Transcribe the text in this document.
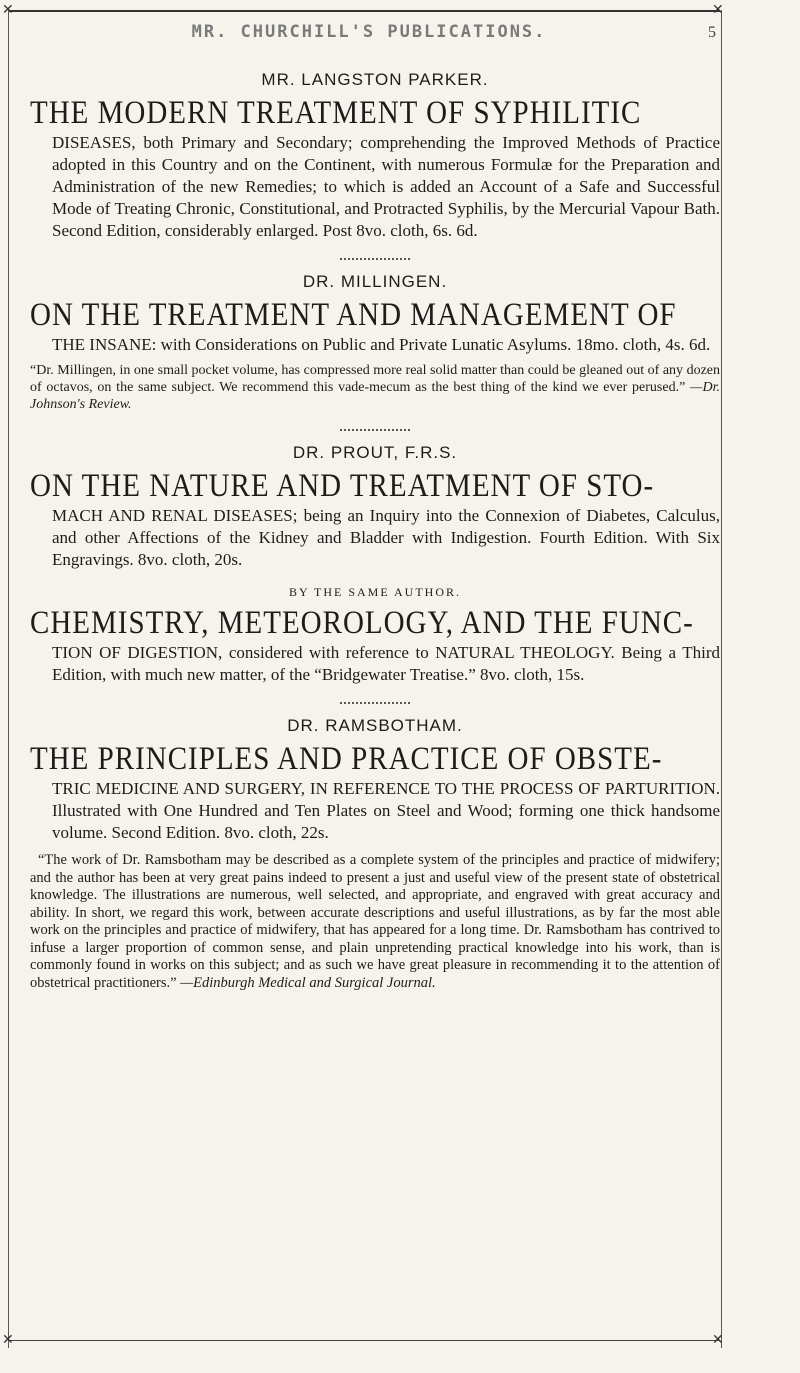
✕	✕
✕	✕
MR. CHURCHILL'S PUBLICATIONS.	5
MR. LANGSTON PARKER.
THE MODERN TREATMENT OF SYPHILITIC

DISEASES, both Primary and Secondary; comprehending the Improved Methods of Practice adopted in this Country and on the Continent, with numerous Formulæ for the Preparation and Administration of the new Remedies; to which is added an Account of a Safe and Successful Mode of Treating Chronic, Constitutional, and Protracted Syphilis, by the Mercurial Vapour Bath. Second Edition, considerably enlarged. Post 8vo. cloth, 6s. 6d.

DR. MILLINGEN.
ON THE TREATMENT AND MANAGEMENT OF

THE INSANE: with Considerations on Public and Private Lunatic Asylums. 18mo. cloth, 4s. 6d.

“Dr. Millingen, in one small pocket volume, has compressed more real solid matter than could be gleaned out of any dozen of octavos, on the same subject. We recommend this vade-mecum as the best thing of the kind we ever perused.” —Dr. Johnson's Review.

DR. PROUT, F.R.S.
ON THE NATURE AND TREATMENT OF STO-

MACH AND RENAL DISEASES; being an Inquiry into the Connexion of Diabetes, Calculus, and other Affections of the Kidney and Bladder with Indigestion. Fourth Edition. With Six Engravings. 8vo. cloth, 20s.

BY THE SAME AUTHOR.
CHEMISTRY, METEOROLOGY, AND THE FUNC-

TION OF DIGESTION, considered with reference to NATURAL THEOLOGY. Being a Third Edition, with much new matter, of the “Bridgewater Treatise.” 8vo. cloth, 15s.

DR. RAMSBOTHAM.
THE PRINCIPLES AND PRACTICE OF OBSTE-

TRIC MEDICINE AND SURGERY, IN REFERENCE TO THE PROCESS OF PARTURITION. Illustrated with One Hundred and Ten Plates on Steel and Wood; forming one thick handsome volume. Second Edition. 8vo. cloth, 22s.

“The work of Dr. Ramsbotham may be described as a complete system of the principles and practice of midwifery; and the author has been at very great pains indeed to present a just and useful view of the present state of obstetrical knowledge. The illustrations are numerous, well selected, and appropriate, and engraved with great accuracy and ability. In short, we regard this work, between accurate descriptions and useful illustrations, as by far the most able work on the principles and practice of midwifery, that has appeared for a long time. Dr. Ramsbotham has contrived to infuse a larger proportion of common sense, and plain unpretending practical knowledge into his work, than is commonly found in works on this subject; and as such we have great pleasure in recommending it to the attention of obstetrical practitioners.” —Edinburgh Medical and Surgical Journal.
